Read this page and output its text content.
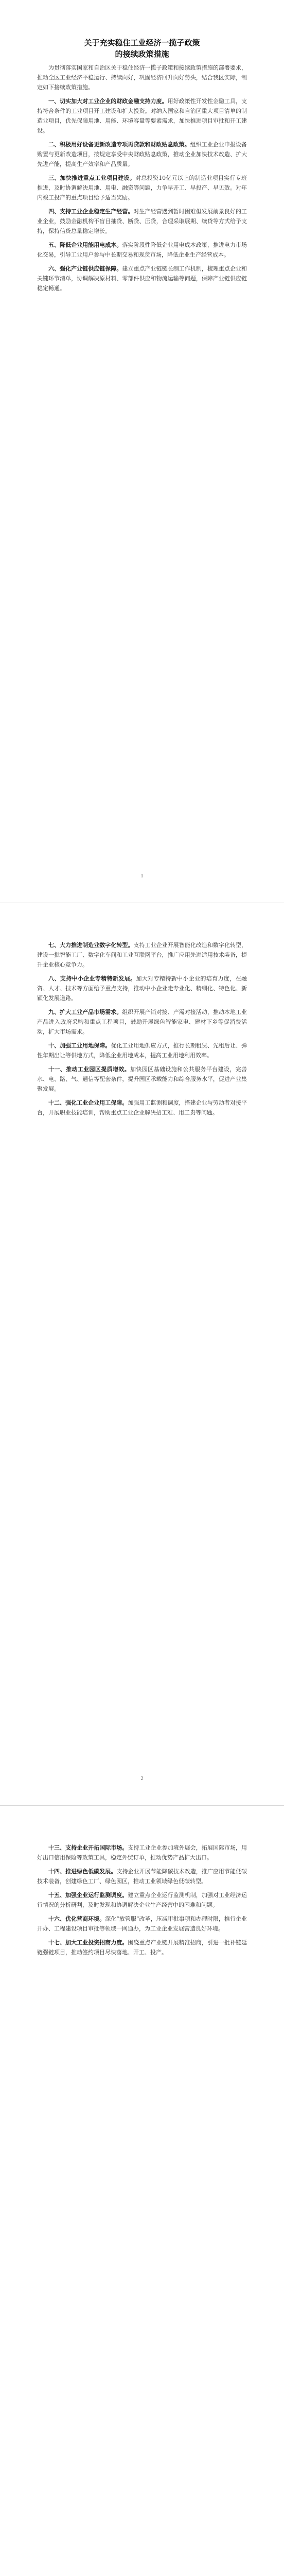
关于充实稳住工业经济一揽子政策
的接续政策措施

为贯彻落实国家和自治区关于稳住经济一揽子政策和接续政策措施的部署要求，推动全区工业经济平稳运行、持续向好，巩固经济回升向好势头，结合我区实际，制定如下接续政策措施。

一、切实加大对工业企业的财政金融支持力度。用好政策性开发性金融工具，支持符合条件的工业项目开工建设和扩大投资。对纳入国家和自治区重大项目清单的制造业项目，优先保障用地、用能、环境容量等要素需求，加快推进项目审批和开工建设。

二、积极用好设备更新改造专项再贷款和财政贴息政策。组织工业企业申报设备购置与更新改造项目，按规定享受中央财政贴息政策，推动企业加快技术改造、扩大先进产能，提高生产效率和产品质量。

三、加快推进重点工业项目建设。对总投资10亿元以上的制造业项目实行专班推进，及时协调解决用地、用电、融资等问题，力争早开工、早投产、早见效。对年内竣工投产的重点项目给予适当奖励。

四、支持工业企业稳定生产经营。对生产经营遇到暂时困难但发展前景良好的工业企业，鼓励金融机构不盲目抽贷、断贷、压贷，合理采取展期、续贷等方式给予支持，保持信贷总量稳定增长。

五、降低企业用能用电成本。落实阶段性降低企业用电成本政策，推进电力市场化交易，引导工业用户参与中长期交易和现货市场，降低企业生产经营成本。

六、强化产业链供应链保障。建立重点产业链链长制工作机制，梳理重点企业和关键环节清单，协调解决原材料、零部件供应和物流运输等问题，保障产业链供应链稳定畅通。

1

七、大力推进制造业数字化转型。支持工业企业开展智能化改造和数字化转型，建设一批智能工厂、数字化车间和工业互联网平台，推广应用先进适用技术装备，提升企业核心竞争力。

八、支持中小企业专精特新发展。加大对专精特新中小企业的培育力度，在融资、人才、技术等方面给予重点支持，推动中小企业走专业化、精细化、特色化、新颖化发展道路。

九、扩大工业产品市场需求。组织开展产销对接、产需对接活动，推动本地工业产品进入政府采购和重点工程项目，鼓励开展绿色智能家电、建材下乡等促消费活动，扩大市场需求。

十、加强工业用地保障。优化工业用地供应方式，推行长期租赁、先租后让、弹性年期出让等供地方式，降低企业用地成本，提高工业用地利用效率。

十一、推动工业园区提质增效。加快园区基础设施和公共服务平台建设，完善水、电、路、气、通信等配套条件，提升园区承载能力和综合服务水平，促进产业集聚发展。

十二、强化工业企业用工保障。加强用工监测和调度，搭建企业与劳动者对接平台，开展职业技能培训，帮助重点工业企业解决招工难、用工贵等问题。

2

十三、支持企业开拓国际市场。支持工业企业参加境外展会，拓展国际市场，用好出口信用保险等政策工具，稳定外贸订单，推动优势产品扩大出口。

十四、推进绿色低碳发展。支持企业开展节能降碳技术改造，推广应用节能低碳技术装备，创建绿色工厂、绿色园区，推动工业领域绿色低碳转型。

十五、加强企业运行监测调度。建立重点企业运行监测机制，加强对工业经济运行情况的分析研判，及时发现和协调解决企业生产经营中的困难和问题。

十六、优化营商环境。深化“放管服”改革，压减审批事项和办理时限，推行企业开办、工程建设项目审批等领域一网通办，为工业企业发展营造良好环境。

十七、加大工业投资招商力度。围绕重点产业链开展精准招商，引进一批补链延链强链项目，推动签约项目尽快落地、开工、投产。
